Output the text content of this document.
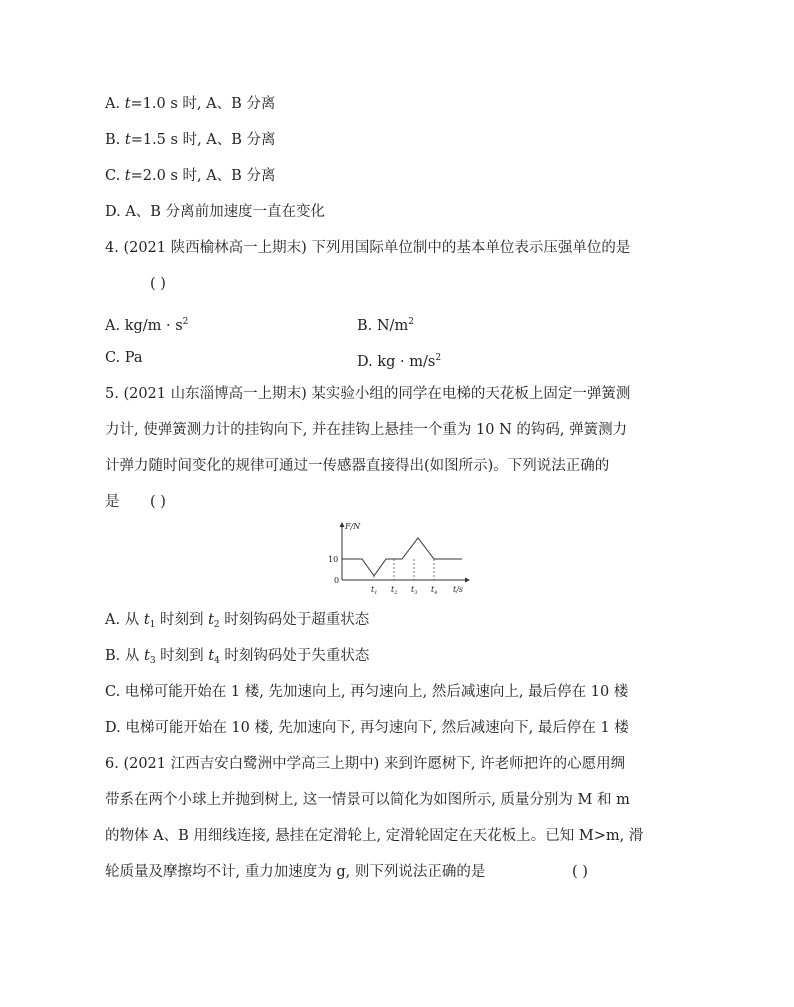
A. t=1.0 s 时, A、B 分离
B. t=1.5 s 时, A、B 分离
C. t=2.0 s 时, A、B 分离
D. A、B 分离前加速度一直在变化
4. (2021 陕西榆林高一上期末) 下列用国际单位制中的基本单位表示压强单位的是
( )
A. $kg/m \cdot s^2$	B. $N/m^2$
C. Pa	D. kg · $m/s^2$
5. (2021 山东淄博高一上期末) 某实验小组的同学在电梯的天花板上固定一弹簧测
力计, 使弹簧测力计的挂钩向下, 并在挂钩上悬挂一个重为 10 N 的钩码, 弹簧测力
计弹力随时间变化的规律可通过一传感器直接得出(如图所示)。下列说法正确的
是 ( )
F/N
t/s
0
10
$t_1$ $t_2$ $t_3$ $t_4$
A. 从 $t_1$ 时刻到 $t_2$ 时刻钩码处于超重状态
B. 从 $t_3$ 时刻到 $t_4$ 时刻钩码处于失重状态
C. 电梯可能开始在 1 楼, 先加速向上, 再匀速向上, 然后减速向上, 最后停在 10 楼
D. 电梯可能开始在 10 楼, 先加速向下, 再匀速向下, 然后减速向下, 最后停在 1 楼
6. (2021 江西吉安白鹭洲中学高三上期中) 来到许愿树下, 许老师把许的心愿用绸
带系在两个小球上并抛到树上, 这一情景可以简化为如图所示, 质量分别为 M 和 m
的物体 A、B 用细线连接, 悬挂在定滑轮上, 定滑轮固定在天花板上。已知 M>m, 滑
轮质量及摩擦均不计, 重力加速度为 g, 则下列说法正确的是	( )
